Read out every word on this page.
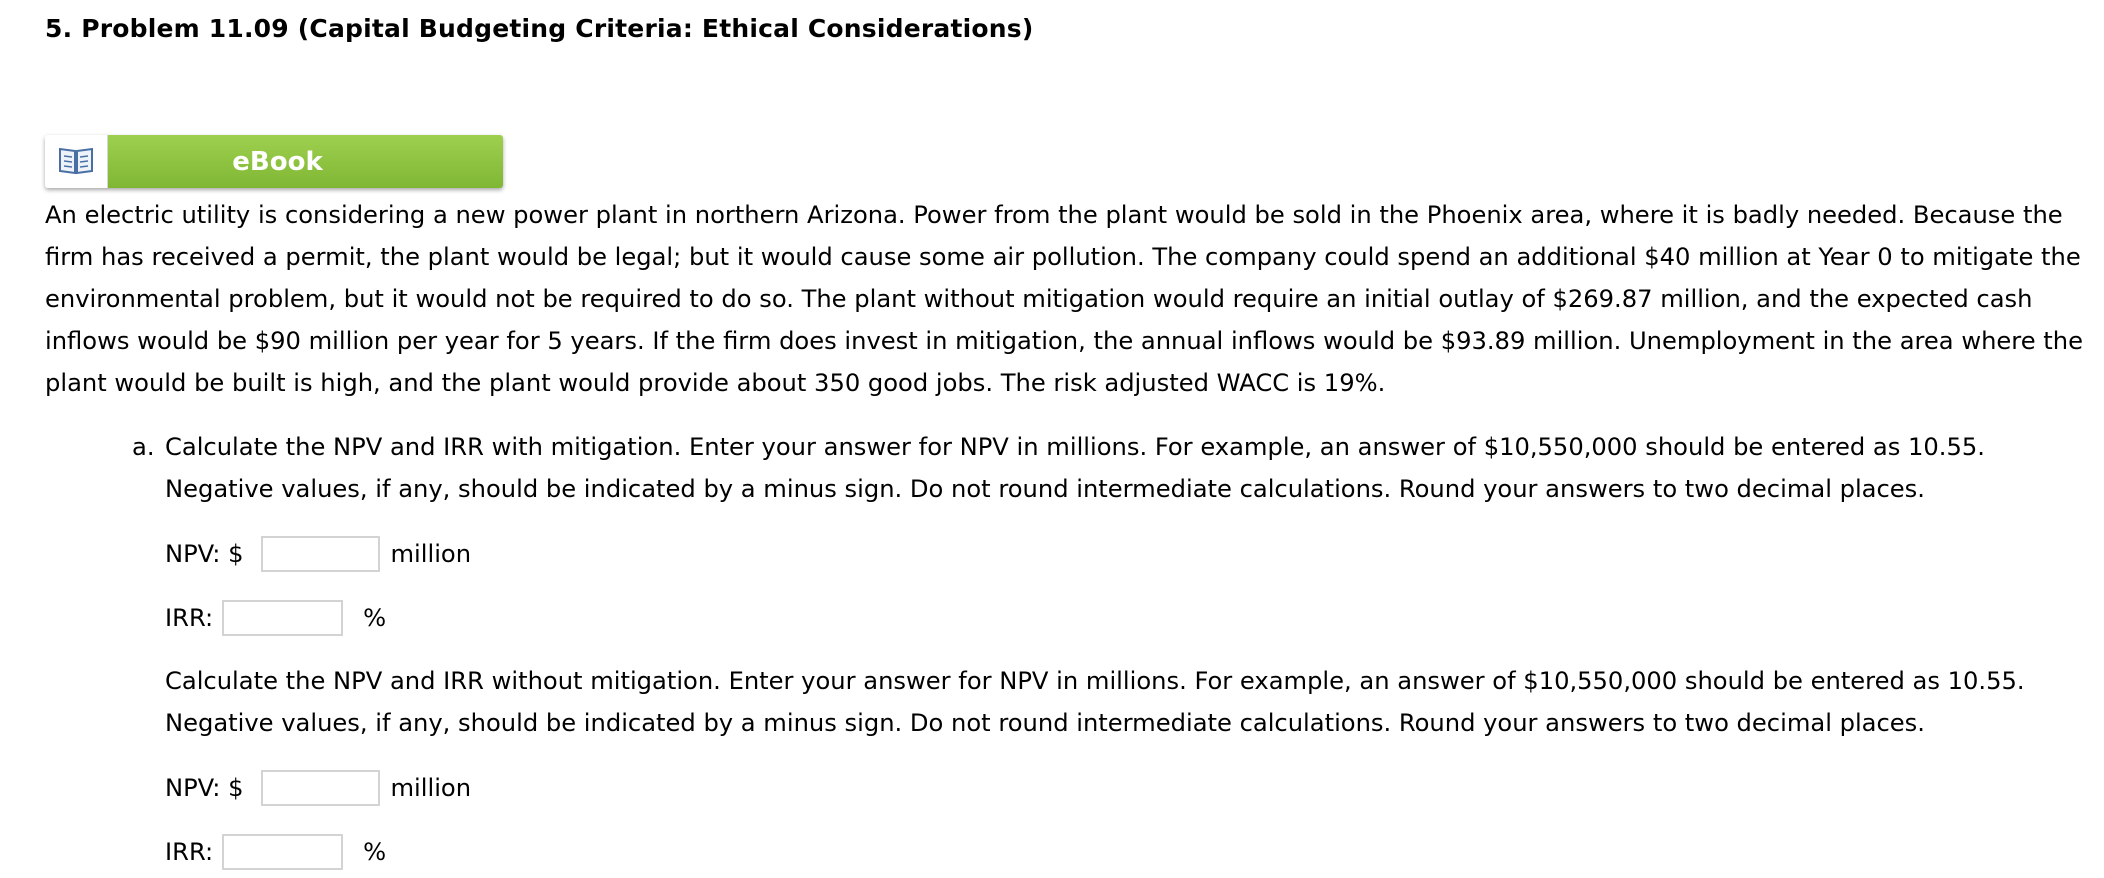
5. Problem 11.09 (Capital Budgeting Criteria: Ethical Considerations)
eBook

An electric utility is considering a new power plant in northern Arizona. Power from the plant would be sold in the Phoenix area, where it is badly needed. Because the firm has received a permit, the plant would be legal; but it would cause some air pollution. The company could spend an additional $40 million at Year 0 to mitigate the environmental problem, but it would not be required to do so. The plant without mitigation would require an initial outlay of $269.87 million, and the expected cash inflows would be $90 million per year for 5 years. If the firm does invest in mitigation, the annual inflows would be $93.89 million. Unemployment in the area where the plant would be built is high, and the plant would provide about 350 good jobs. The risk adjusted WACC is 19%.

a. Calculate the NPV and IRR with mitigation. Enter your answer for NPV in millions. For example, an answer of $10,550,000 should be entered as 10.55. Negative values, if any, should be indicated by a minus sign. Do not round intermediate calculations. Round your answers to two decimal places.

NPV: $	million
IRR:	%

Calculate the NPV and IRR without mitigation. Enter your answer for NPV in millions. For example, an answer of $10,550,000 should be entered as 10.55. Negative values, if any, should be indicated by a minus sign. Do not round intermediate calculations. Round your answers to two decimal places.

NPV: $	million
IRR:	%
